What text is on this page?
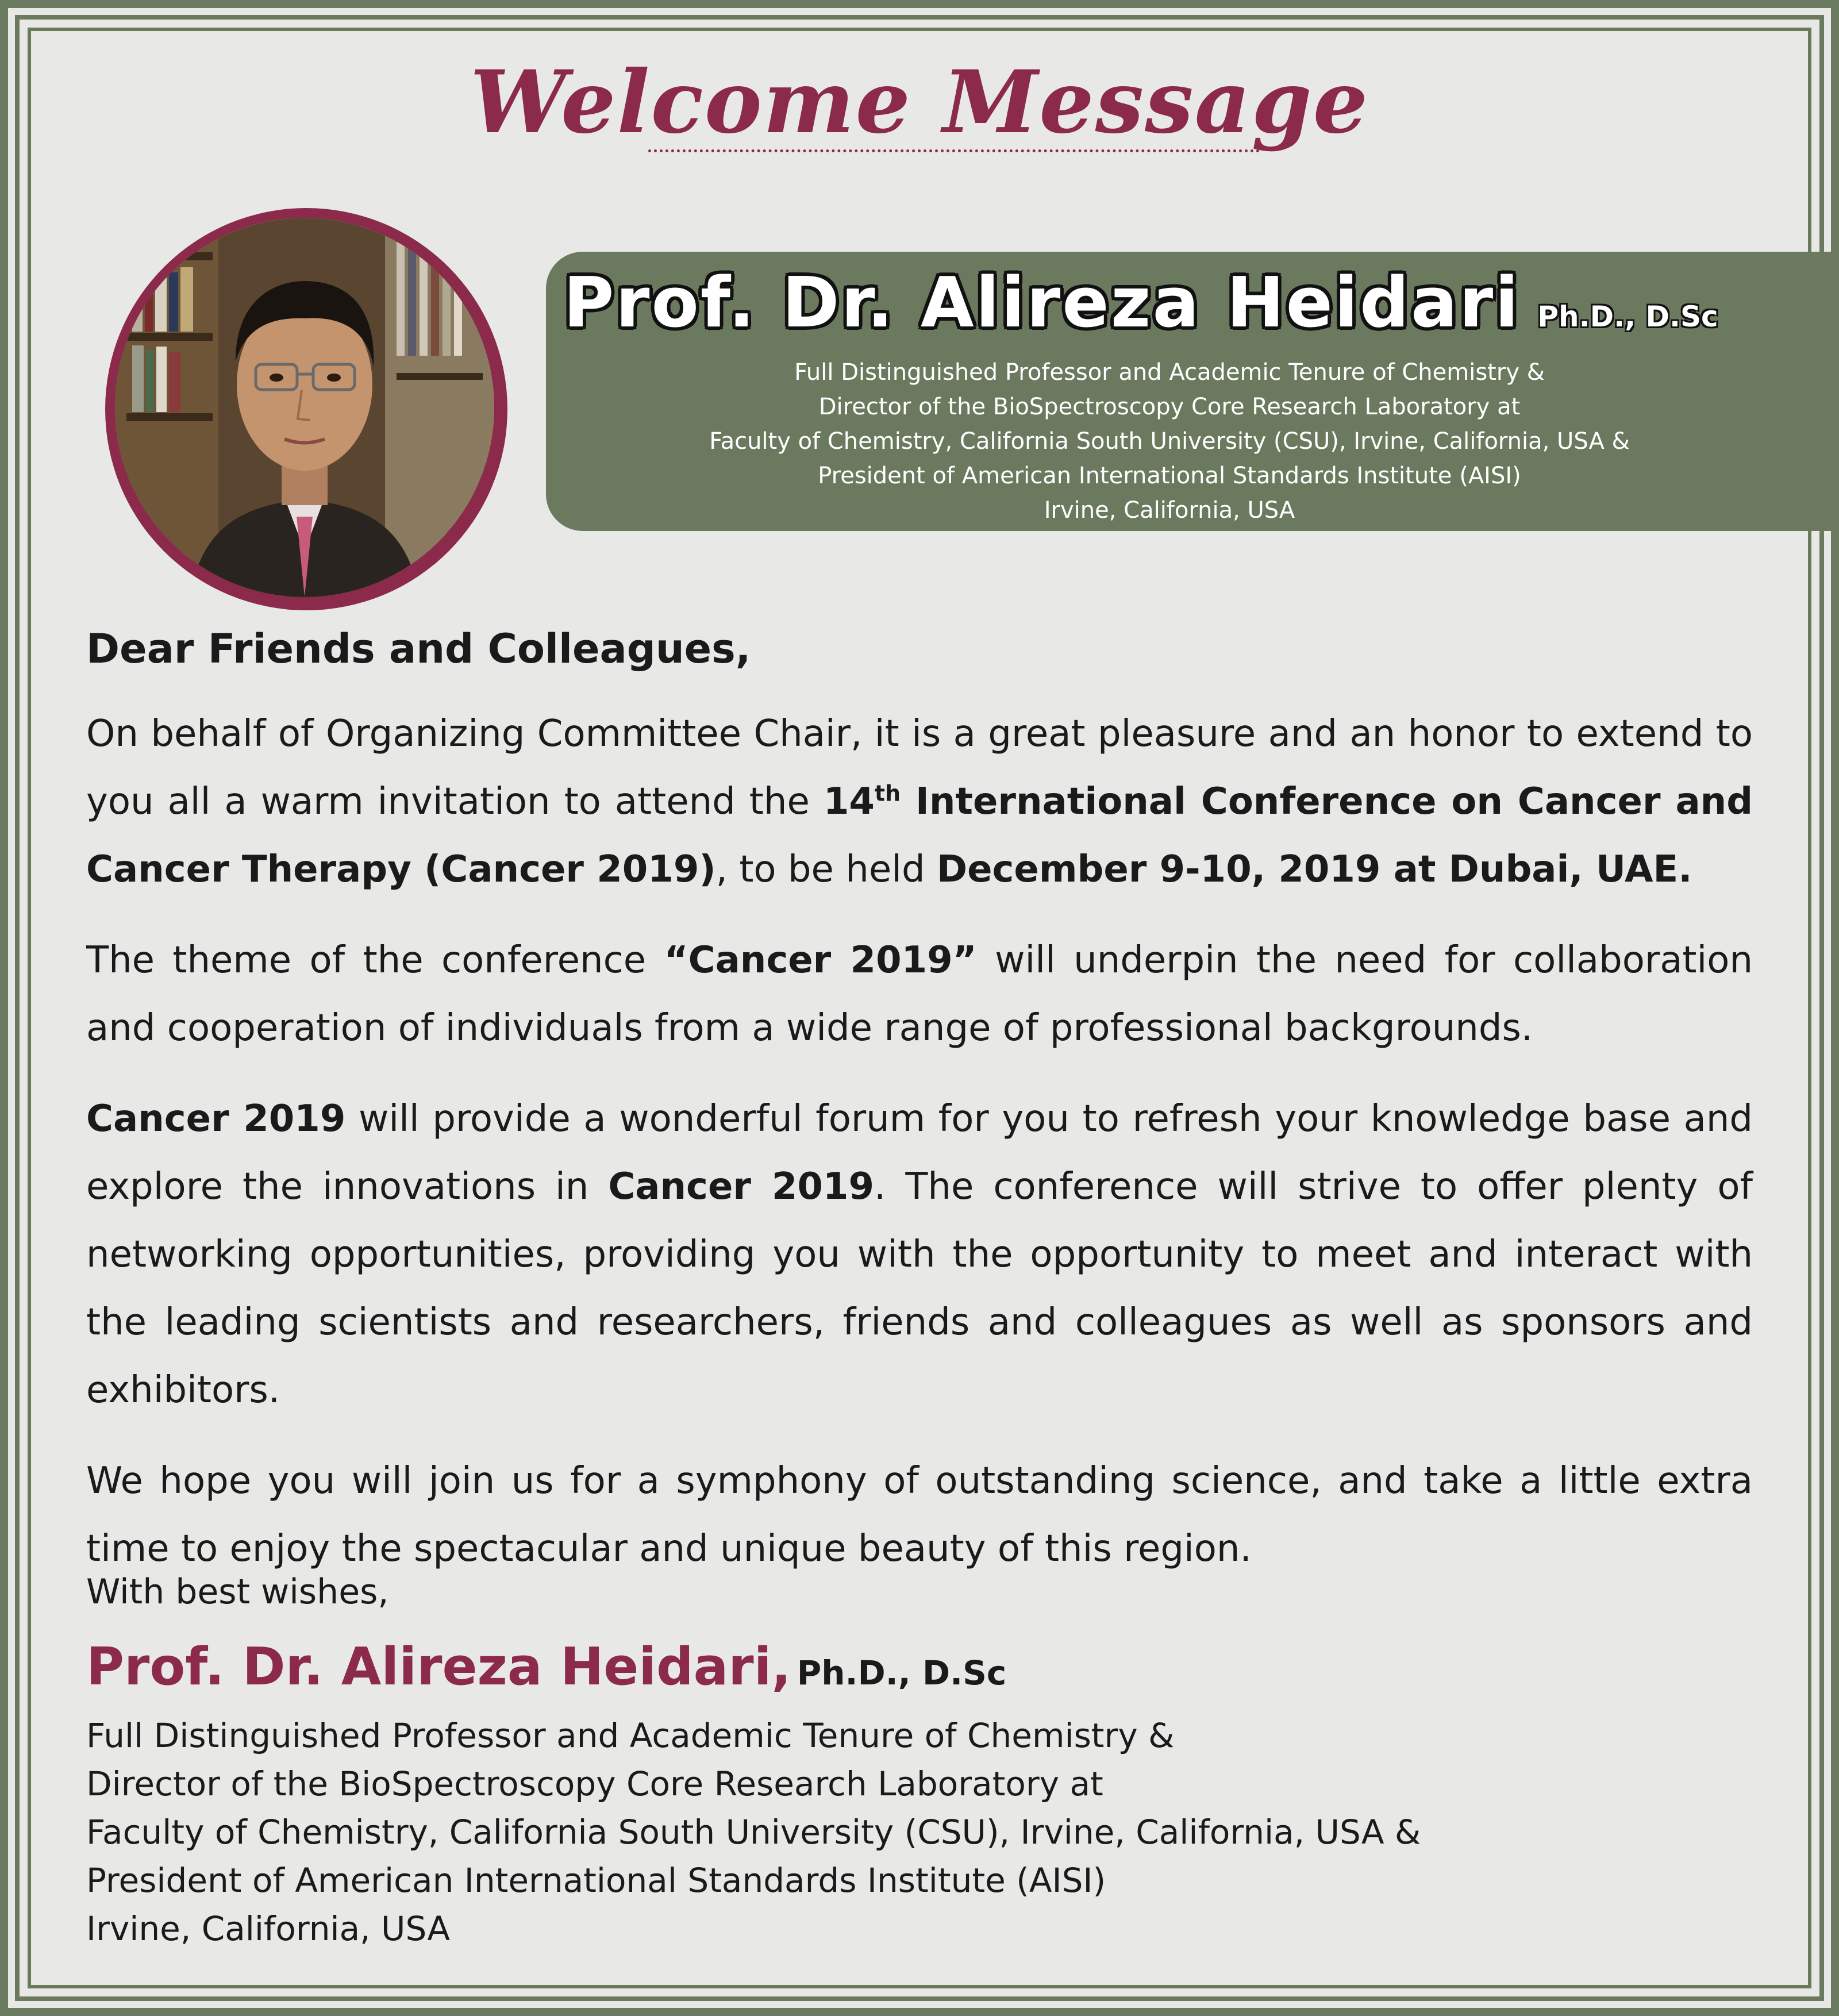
Welcome Message
Prof. Dr. Alireza Heidari Ph.D., D.Sc
Full Distinguished Professor and Academic Tenure of Chemistry &
Director of the BioSpectroscopy Core Research Laboratory at
Faculty of Chemistry, California South University (CSU), Irvine, California, USA &
President of American International Standards Institute (AISI)
Irvine, California, USA
Dear Friends and Colleagues,

On behalf of Organizing Committee Chair, it is a great pleasure and an honor to extend to you all a warm invitation to attend the 14th International Conference on Cancer and Cancer Therapy (Cancer 2019), to be held December 9-10, 2019 at Dubai, UAE.

The theme of the conference “Cancer 2019” will underpin the need for collaboration and cooperation of individuals from a wide range of professional backgrounds.

Cancer 2019 will provide a wonderful forum for you to refresh your knowledge base and explore the innovations in Cancer 2019. The conference will strive to offer plenty of networking opportunities, providing you with the opportunity to meet and interact with the leading scientists and researchers, friends and colleagues as well as sponsors and exhibitors.

We hope you will join us for a symphony of outstanding science, and take a little extra time to enjoy the spectacular and unique beauty of this region.

With best wishes,
Prof. Dr. Alireza Heidari, Ph.D., D.Sc
Full Distinguished Professor and Academic Tenure of Chemistry &
Director of the BioSpectroscopy Core Research Laboratory at
Faculty of Chemistry, California South University (CSU), Irvine, California, USA &
President of American International Standards Institute (AISI)
Irvine, California, USA
